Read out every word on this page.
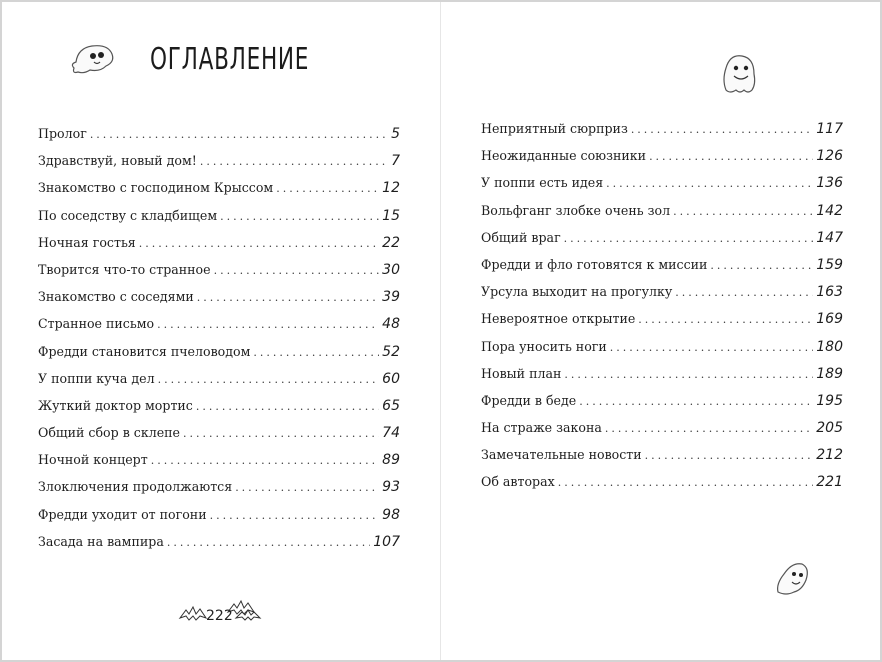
ОГЛАВЛЕНИЕ
Пролог .....	5
Здравствуй, новый дом! .....	7
Знакомство с господином Крыссом .....	12
По соседству с кладбищем .....	15
Ночная гостья .....	22
Творится что-то странное .....	30
Знакомство с соседями .....	39
Странное письмо .....	48
Фредди становится пчеловодом .....	52
У поппи куча дел .....	60
Жуткий доктор мортис .....	65
Общий сбор в склепе .....	74
Ночной концерт .....	89
Злоключения продолжаются .....	93
Фредди уходит от погони .....	98
Засада на вампира .....	107
Неприятный сюрприз .....	117
Неожиданные союзники .....	126
У поппи есть идея .....	136
Вольфганг злобке очень зол .....	142
Общий враг .....	147
Фредди и фло готовятся к миссии .....	159
Урсула выходит на прогулку .....	163
Невероятное открытие .....	169
Пора уносить ноги .....	180
Новый план .....	189
Фредди в беде .....	195
На страже закона .....	205
Замечательные новости .....	212
Об авторах .....	221
222
